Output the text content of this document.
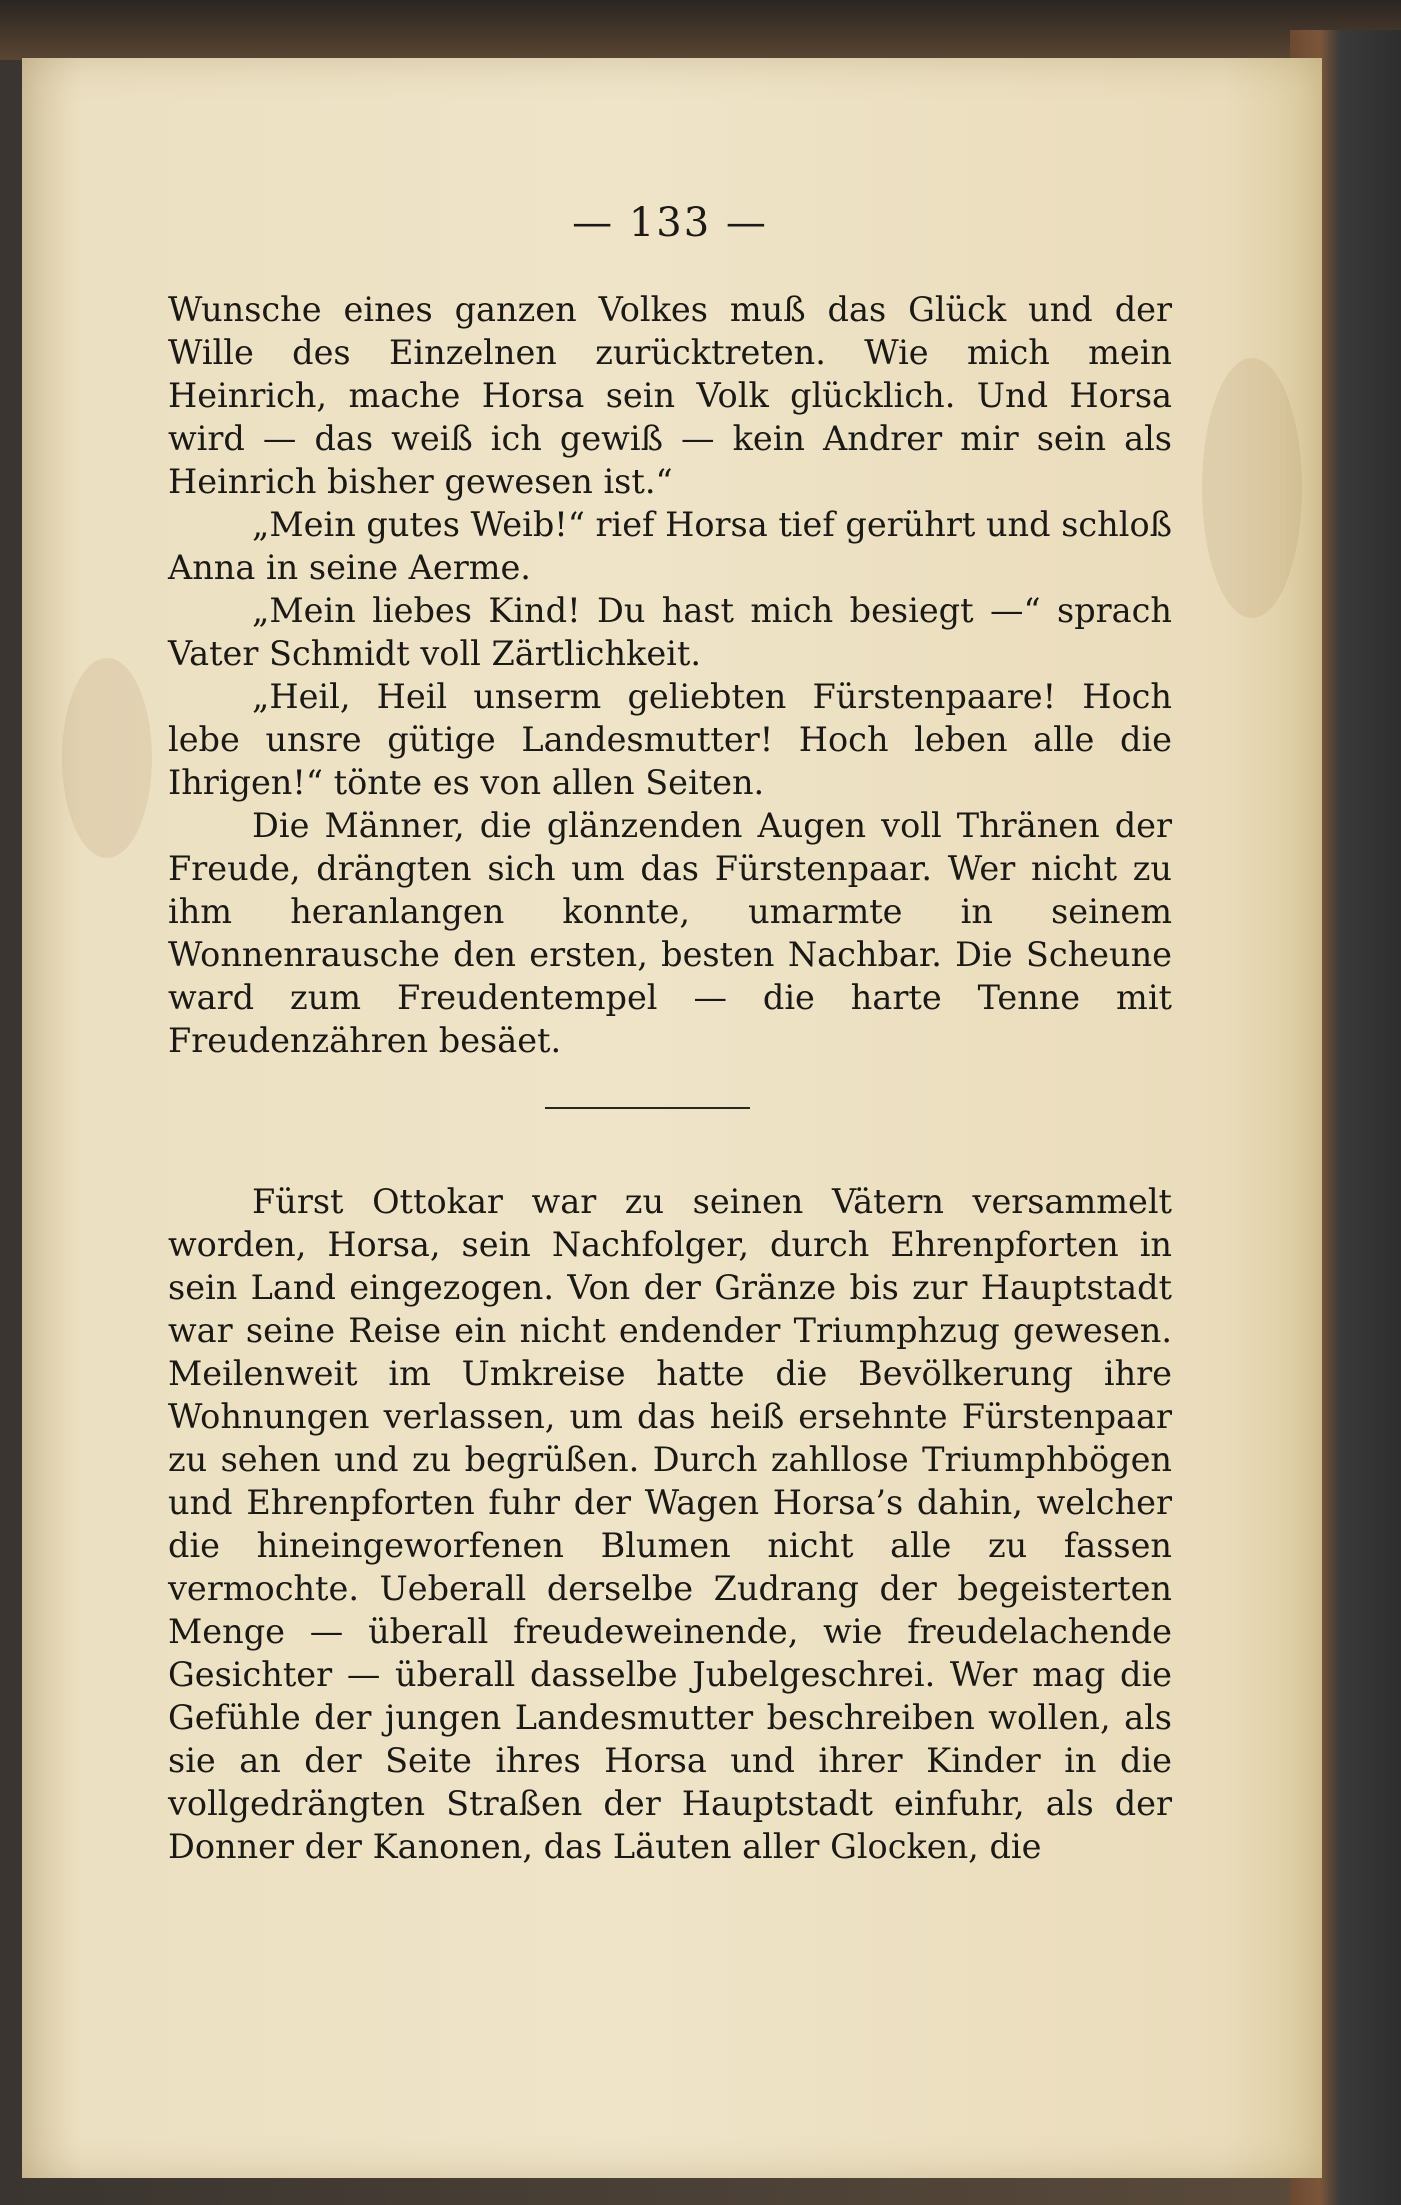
— 133 —

Wunsche eines ganzen Volkes muß das Glück und der Wille des Einzelnen zurücktreten. Wie mich mein Heinrich, mache Horsa sein Volk glücklich. Und Horsa wird — das weiß ich gewiß — kein Andrer mir sein als Heinrich bisher gewesen ist.“

„Mein gutes Weib!“ rief Horsa tief gerührt und schloß Anna in seine Aerme.

„Mein liebes Kind! Du hast mich besiegt —“ sprach Vater Schmidt voll Zärtlichkeit.

„Heil, Heil unserm geliebten Fürstenpaare! Hoch lebe unsre gütige Landesmutter! Hoch leben alle die Ihrigen!“ tönte es von allen Seiten.

Die Männer, die glänzenden Augen voll Thränen der Freude, drängten sich um das Fürstenpaar. Wer nicht zu ihm heranlangen konnte, umarmte in seinem Wonnenrausche den ersten, besten Nachbar. Die Scheune ward zum Freudentempel — die harte Tenne mit Freudenzähren besäet.

Fürst Ottokar war zu seinen Vätern versammelt worden, Horsa, sein Nachfolger, durch Ehrenpforten in sein Land eingezogen. Von der Gränze bis zur Hauptstadt war seine Reise ein nicht endender Triumphzug gewesen. Meilenweit im Umkreise hatte die Bevölkerung ihre Wohnungen verlassen, um das heiß ersehnte Fürstenpaar zu sehen und zu begrüßen. Durch zahllose Triumphbögen und Ehrenpforten fuhr der Wagen Horsa’s dahin, welcher die hineingeworfenen Blumen nicht alle zu fassen vermochte. Ueberall derselbe Zudrang der begeisterten Menge — überall freudeweinende, wie freudelachende Gesichter — überall dasselbe Jubelgeschrei. Wer mag die Gefühle der jungen Landesmutter beschreiben wollen, als sie an der Seite ihres Horsa und ihrer Kinder in die vollgedrängten Straßen der Hauptstadt einfuhr, als der Donner der Kanonen, das Läuten aller Glocken, die
